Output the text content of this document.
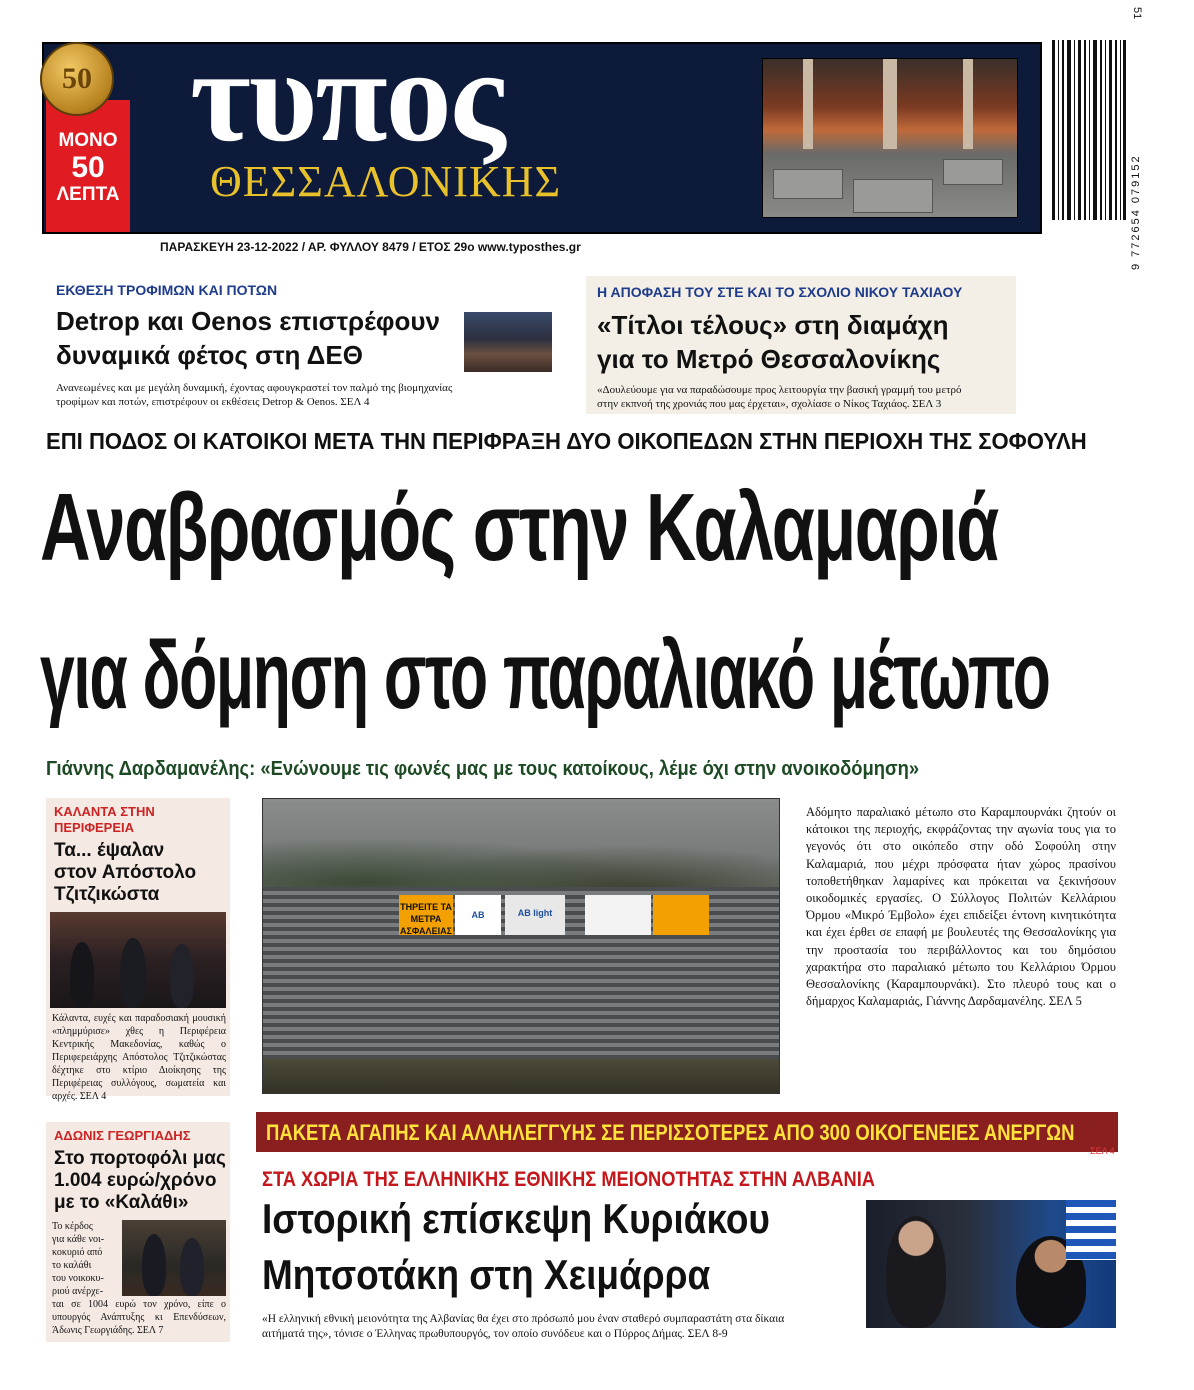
τυπος
ΘΕΣΣΑΛΟΝΙΚΗΣ
ΜΟΝΟ
50
ΛΕΠΤΑ
50
ΠΑΡΑΣΚΕΥΗ 23-12-2022 / ΑΡ. ΦΥΛΛΟΥ 8479 / ΕΤΟΣ 29ο www.typosthes.gr	9 772654 079152
51
ΕΚΘΕΣΗ ΤΡΟΦΙΜΩΝ ΚΑΙ ΠΟΤΩΝ
Detrop και Oenos επιστρέφουν
δυναμικά φέτος στη ΔΕΘ
Ανανεωμένες και με μεγάλη δυναμική, έχοντας αφουγκραστεί τον παλμό της βιομηχανίας
τροφίμων και ποτών, επιστρέφουν οι εκθέσεις Detrop & Oenos. ΣΕΛ 4
Η ΑΠΟΦΑΣΗ ΤΟΥ ΣΤΕ ΚΑΙ ΤΟ ΣΧΟΛΙΟ ΝΙΚΟΥ ΤΑΧΙΑΟΥ
«Τίτλοι τέλους» στη διαμάχη
για το Μετρό Θεσσαλονίκης
«Δουλεύουμε για να παραδώσουμε προς λειτουργία την βασική γραμμή του μετρό
στην εκπνοή της χρονιάς που μας έρχεται», σχολίασε ο Νίκος Ταχιάος. ΣΕΛ 3
ΕΠΙ ΠΟΔΟΣ ΟΙ ΚΑΤΟΙΚΟΙ ΜΕΤΑ ΤΗΝ ΠΕΡΙΦΡΑΞΗ ΔΥΟ ΟΙΚΟΠΕΔΩΝ ΣΤΗΝ ΠΕΡΙΟΧΗ ΤΗΣ ΣΟΦΟΥΛΗ
Αναβρασμός στην Καλαμαριά
για δόμηση στο παραλιακό μέτωπο
Γιάννης Δαρδαμανέλης: «Ενώνουμε τις φωνές μας με τους κατοίκους, λέμε όχι στην ανοικοδόμηση»
ΚΑΛΑΝΤΑ ΣΤΗΝ
ΠΕΡΙΦΕΡΕΙΑ
Τα... έψαλαν
στον Απόστολο
Τζιτζικώστα
Κάλαντα, ευχές και παραδοσιακή μουσική «πλημμύρισε» χθες η Περιφέρεια Κεντρικής Μακεδονίας, καθώς ο Περιφερειάρχης Απόστολος Τζιτζικώστας δέχτηκε στο κτίριο Διοίκησης της Περιφέρειας συλλόγους, σωματεία και αρχές. ΣΕΛ 4
ΑΔΩΝΙΣ ΓΕΩΡΓΙΑΔΗΣ
Στο πορτοφόλι μας
1.004 ευρώ/χρόνο
με το «Καλάθι»
Το κέρδος
για κάθε νοι-
κοκυριό από
το καλάθι
του νοικοκυ-
ριού ανέρχε-
ται σε 1004 ευρώ τον χρόνο, είπε ο υπουργός Ανάπτυξης κι Επενδύσεων, Άδωνις Γεωργιάδης. ΣΕΛ 7
ΤΗΡΕΙΤΕ ΤΑ ΜΕΤΡΑ ΑΣΦΑΛΕΙΑΣ
ΑΒ	AB light

Αδόμητο παραλιακό μέτωπο στο Καραμπουρνάκι ζητούν οι κάτοικοι της περιοχής, εκφράζοντας την αγωνία τους για το γεγονός ότι στο οικόπεδο στην οδό Σοφούλη στην Καλαμαριά, που μέχρι πρόσφατα ήταν χώρος πρασίνου τοποθετήθηκαν λαμαρίνες και πρόκειται να ξεκινήσουν οικοδομικές εργασίες. Ο Σύλλογος Πολιτών Κελλάριου Όρμου «Μικρό Έμβολο» έχει επιδείξει έντονη κινητικότητα και έχει έρθει σε επαφή με βουλευτές της Θεσσαλονίκης για την προστασία του περιβάλλοντος και του δημόσιου χαρακτήρα στο παραλιακό μέτωπο του Κελλάριου Όρμου Θεσσαλονίκης (Καραμπουρνάκι). Στο πλευρό τους και ο δήμαρχος Καλαμαριάς, Γιάννης Δαρδαμανέλης. ΣΕΛ 5

ΠΑΚΕΤΑ ΑΓΑΠΗΣ ΚΑΙ ΑΛΛΗΛΕΓΓΥΗΣ ΣΕ ΠΕΡΙΣΣΟΤΕΡΕΣ ΑΠΟ 300 ΟΙΚΟΓΕΝΕΙΕΣ ΑΝΕΡΓΩΝ
ΣΕΛ 4
ΣΤΑ ΧΩΡΙΑ ΤΗΣ ΕΛΛΗΝΙΚΗΣ ΕΘΝΙΚΗΣ ΜΕΙΟΝΟΤΗΤΑΣ ΣΤΗΝ ΑΛΒΑΝΙΑ
Ιστορική επίσκεψη Κυριάκου
Μητσοτάκη στη Χειμάρρα

«Η ελληνική εθνική μειονότητα της Αλβανίας θα έχει στο πρόσωπό μου έναν σταθερό συμπαραστάτη στα δίκαια

αιτήματά της», τόνισε ο Έλληνας πρωθυπουργός, τον οποίο συνόδευε και ο Πύρρος Δήμας. ΣΕΛ 8-9
